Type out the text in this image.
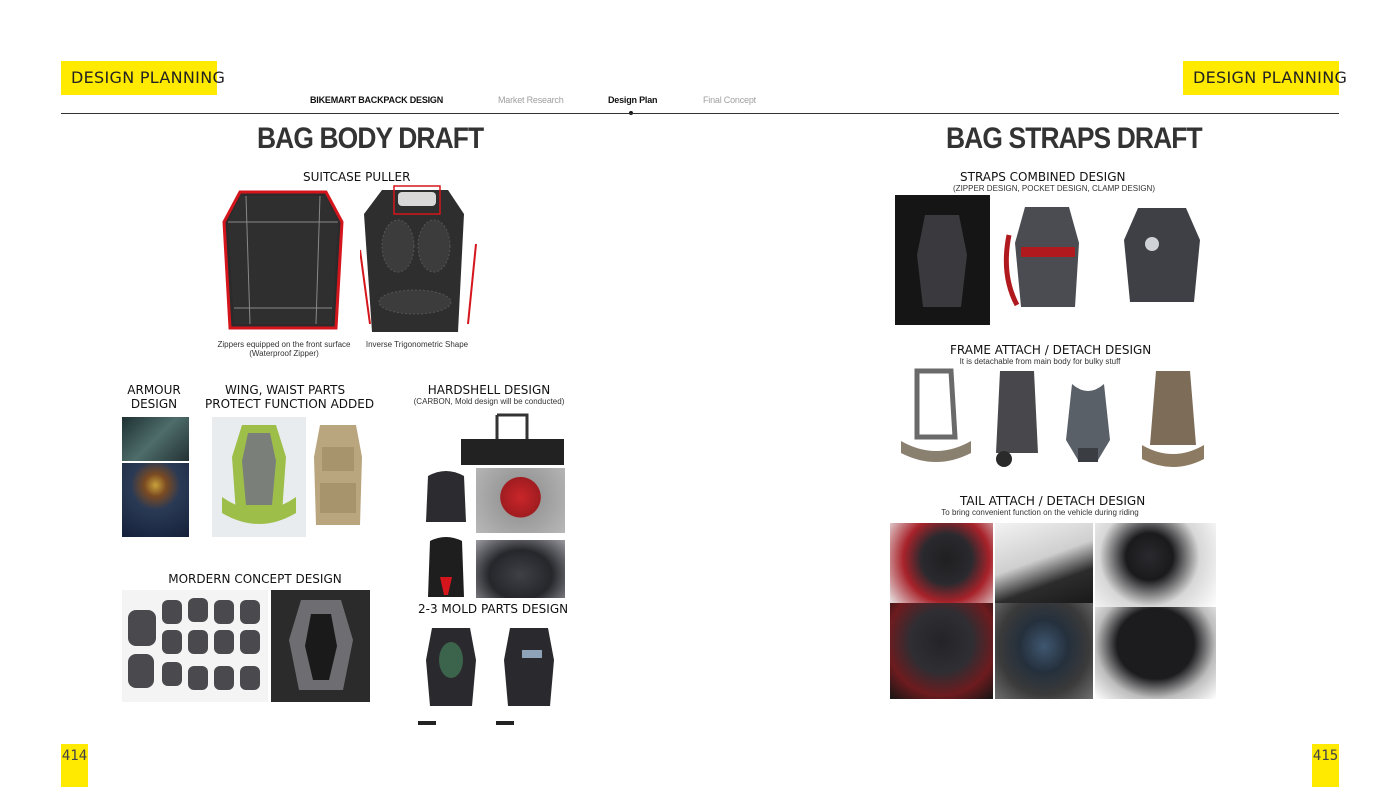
DESIGN PLANNING	DESIGN PLANNING
BIKEMART BACKPACK DESIGN	Market Research	Design Plan	Final Concept
BAG BODY DRAFT
SUITCASE PULLER
Zippers equipped on the front surface
(Waterproof Zipper)
Inverse Trigonometric Shape
ARMOUR
DESIGN
WING, WAIST PARTS
PROTECT FUNCTION ADDED
HARDSHELL DESIGN
(CARBON, Mold design will be conducted)
2-3 MOLD PARTS DESIGN
MORDERN CONCEPT DESIGN
414
BAG STRAPS DRAFT
STRAPS COMBINED DESIGN
(ZIPPER DESIGN, POCKET DESIGN, CLAMP DESIGN)
FRAME ATTACH / DETACH DESIGN
It is detachable from main body for bulky stuff
TAIL ATTACH / DETACH DESIGN
To bring convenient function on the vehicle during riding
415
